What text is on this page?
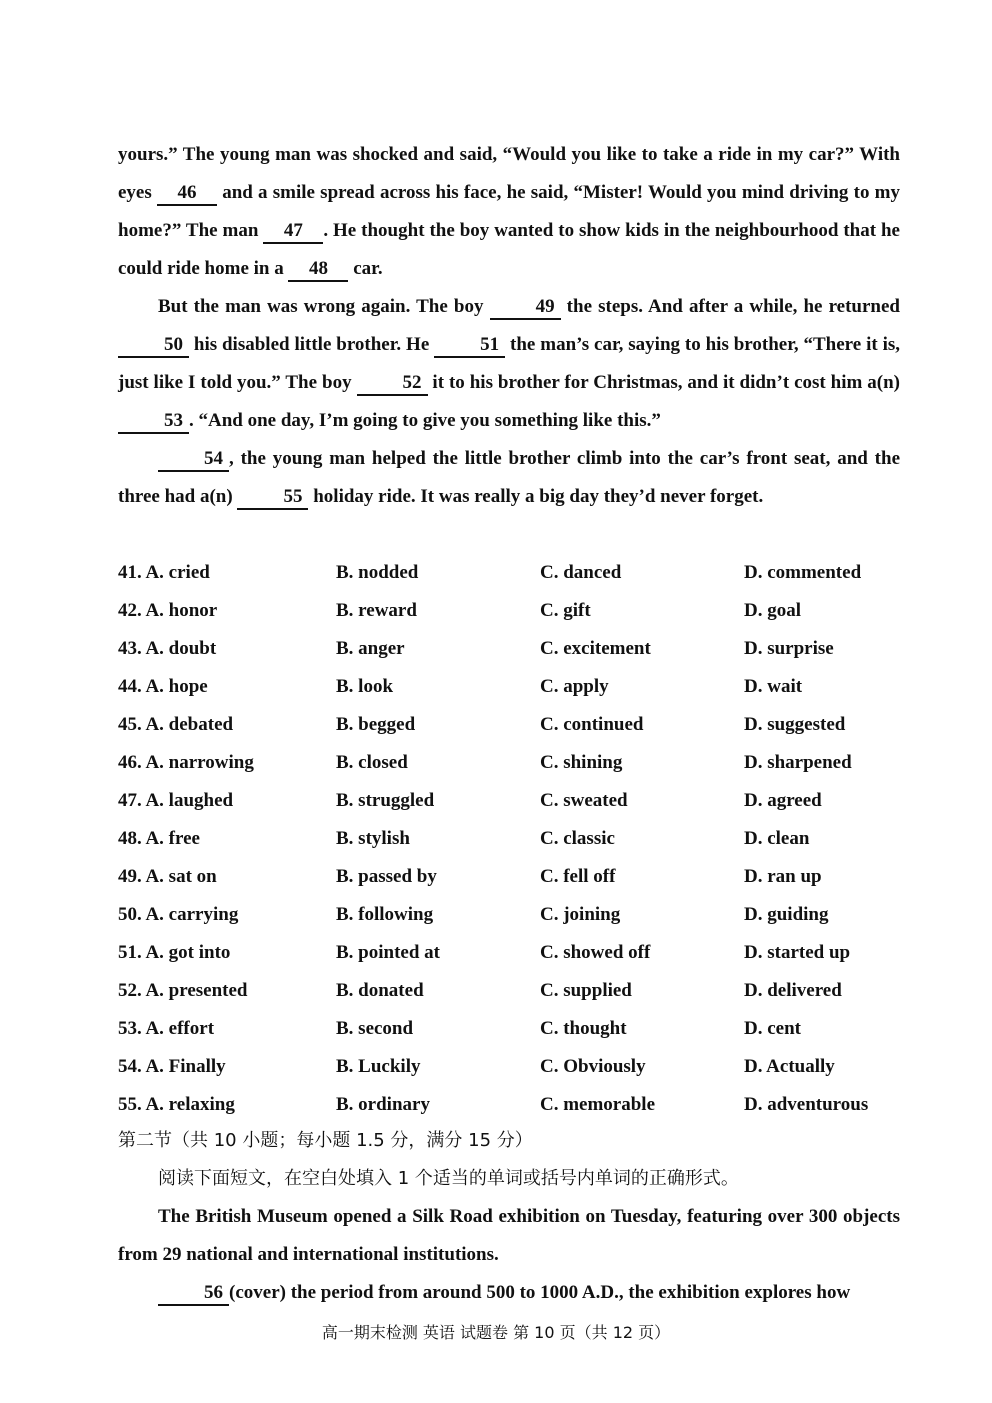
yours.” The young man was shocked and said, “Would you like to take a ride in my car?” With eyes 46 and a smile spread across his face, he said, “Mister! Would you mind driving to my home?” The man 47 . He thought the boy wanted to show kids in the neighbourhood that he could ride home in a 48 car.

But the man was wrong again. The boy 49 the steps. And after a while, he returned 50 his disabled little brother. He 51 the man’s car, saying to his brother, “There it is, just like I told you.” The boy 52 it to his brother for Christmas, and it didn’t cost him a(n) 53 . “And one day, I’m going to give you something like this.”

54 , the young man helped the little brother climb into the car’s front seat, and the three had a(n) 55 holiday ride. It was really a big day they’d never forget.

41. A. cried	B. nodded	C. danced	D. commented
42. A. honor	B. reward	C. gift	D. goal
43. A. doubt	B. anger	C. excitement	D. surprise
44. A. hope	B. look	C. apply	D. wait
45. A. debated	B. begged	C. continued	D. suggested
46. A. narrowing	B. closed	C. shining	D. sharpened
47. A. laughed	B. struggled	C. sweated	D. agreed
48. A. free	B. stylish	C. classic	D. clean
49. A. sat on	B. passed by	C. fell off	D. ran up
50. A. carrying	B. following	C. joining	D. guiding
51. A. got into	B. pointed at	C. showed off	D. started up
52. A. presented	B. donated	C. supplied	D. delivered
53. A. effort	B. second	C. thought	D. cent
54. A. Finally	B. Luckily	C. Obviously	D. Actually
55. A. relaxing	B. ordinary	C. memorable	D. adventurous

第二节（共 10 小题；每小题 1.5 分，满分 15 分）

阅读下面短文，在空白处填入 1 个适当的单词或括号内单词的正确形式。

The British Museum opened a Silk Road exhibition on Tuesday, featuring over 300 objects from 29 national and international institutions.

56 (cover) the period from around 500 to 1000 A.D., the exhibition explores how

高一期末检测 英语 试题卷 第 10 页（共 12 页）
